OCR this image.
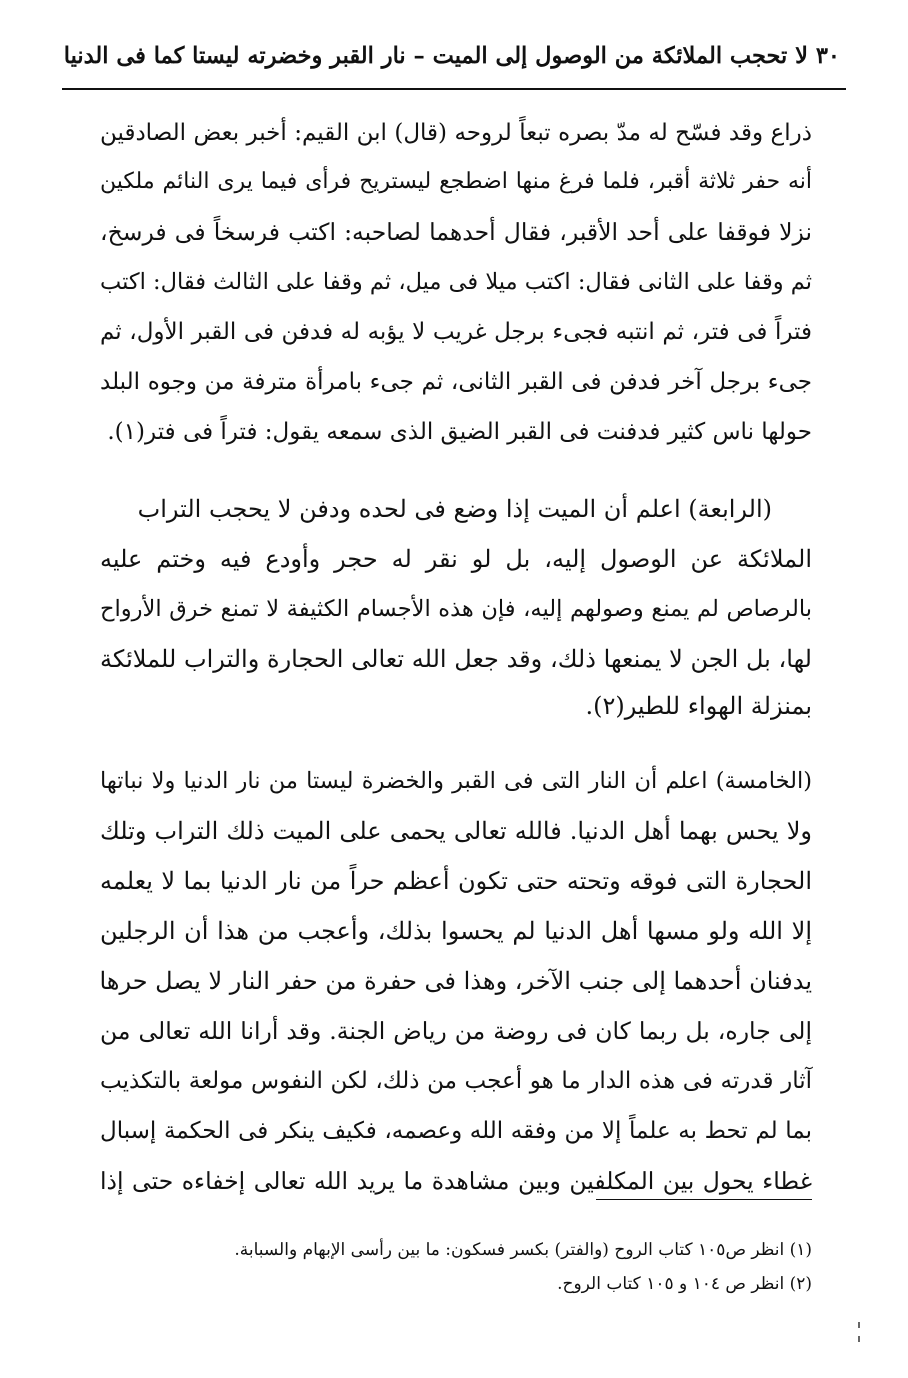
٣٠ لا تحجب الملائكة من الوصول إلى الميت – نار القبر وخضرته ليستا كما فى الدنيا
ذراع وقد فسّح له مدّ بصره تبعاً لروحه (قال) ابن القيم: أخبر بعض الصادقين
أنه حفر ثلاثة أقبر، فلما فرغ منها اضطجع ليستريح فرأى فيما يرى النائم ملكين
نزلا فوقفا على أحد الأقبر، فقال أحدهما لصاحبه: اكتب فرسخاً فى فرسخ،
ثم وقفا على الثانى فقال: اكتب ميلا فى ميل، ثم وقفا على الثالث فقال: اكتب
فتراً فى فتر، ثم انتبه فجىء برجل غريب لا يؤبه له فدفن فى القبر الأول، ثم
جىء برجل آخر فدفن فى القبر الثانى، ثم جىء بامرأة مترفة من وجوه البلد
حولها ناس كثير فدفنت فى القبر الضيق الذى سمعه يقول: فتراً فى فتر(١).
(الرابعة) اعلم أن الميت إذا وضع فى لحده ودفن لا يحجب التراب
الملائكة عن الوصول إليه، بل لو نقر له حجر وأودع فيه وختم عليه
بالرصاص لم يمنع وصولهم إليه، فإن هذه الأجسام الكثيفة لا تمنع خرق الأرواح
لها، بل الجن لا يمنعها ذلك، وقد جعل الله تعالى الحجارة والتراب للملائكة
بمنزلة الهواء للطير(٢).
(الخامسة) اعلم أن النار التى فى القبر والخضرة ليستا من نار الدنيا ولا نباتها
ولا يحس بهما أهل الدنيا. فالله تعالى يحمى على الميت ذلك التراب وتلك
الحجارة التى فوقه وتحته حتى تكون أعظم حراً من نار الدنيا بما لا يعلمه
إلا الله ولو مسها أهل الدنيا لم يحسوا بذلك، وأعجب من هذا أن الرجلين
يدفنان أحدهما إلى جنب الآخر، وهذا فى حفرة من حفر النار لا يصل حرها
إلى جاره، بل ربما كان فى روضة من رياض الجنة. وقد أرانا الله تعالى من
آثار قدرته فى هذه الدار ما هو أعجب من ذلك، لكن النفوس مولعة بالتكذيب
بما لم تحط به علماً إلا من وفقه الله وعصمه، فكيف ينكر فى الحكمة إسبال
غطاء يحول بين المكلفين وبين مشاهدة ما يريد الله تعالى إخفاءه حتى إذا
(١) انظر ص١٠٥ كتاب الروح (والفتر) بكسر فسكون: ما بين رأسى الإبهام والسبابة.
(٢) انظر ص ١٠٤ و ١٠٥ كتاب الروح.
